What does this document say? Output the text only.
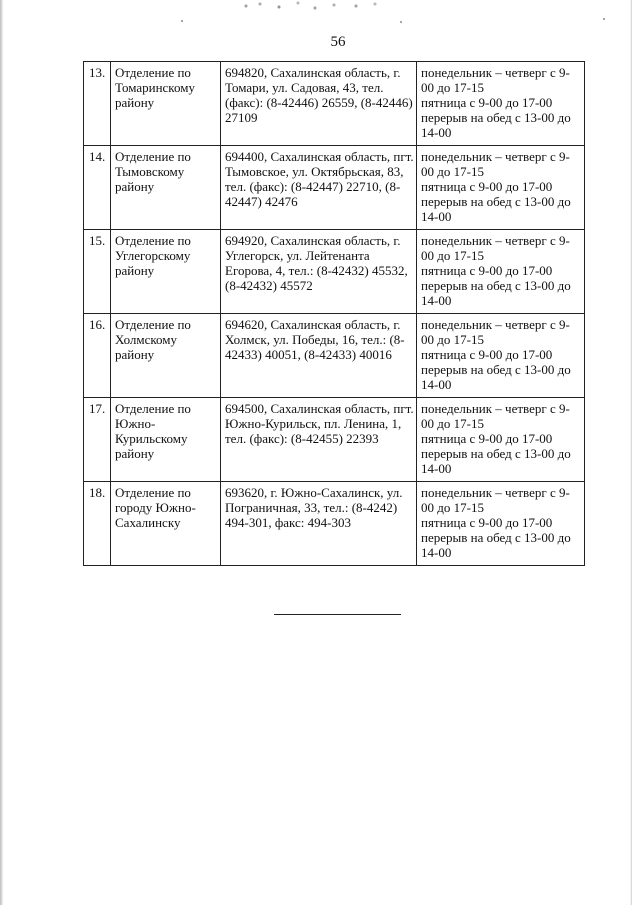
56
13.	Отделение по Томаринскому району	694820, Сахалинская область, г. Томари, ул. Садовая, 43, тел. (факс): (8-42446) 26559, (8-42446) 27109	понедельник – четверг с 9-00 до 17-15
пятница с 9-00 до 17-00
перерыв на обед с 13-00 до 14-00
14.	Отделение по Тымовскому району	694400, Сахалинская область, пгт. Тымовское, ул. Октябрьская, 83, тел. (факс): (8-42447) 22710, (8-42447) 42476	понедельник – четверг с 9-00 до 17-15
пятница с 9-00 до 17-00
перерыв на обед с 13-00 до 14-00
15.	Отделение по Углегорскому району	694920, Сахалинская область, г. Углегорск, ул. Лейтенанта Егорова, 4, тел.: (8-42432) 45532, (8-42432) 45572	понедельник – четверг с 9-00 до 17-15
пятница с 9-00 до 17-00
перерыв на обед с 13-00 до 14-00
16.	Отделение по Холмскому району	694620, Сахалинская область, г. Холмск, ул. Победы, 16, тел.: (8-42433) 40051, (8-42433) 40016	понедельник – четверг с 9-00 до 17-15
пятница с 9-00 до 17-00
перерыв на обед с 13-00 до 14-00
17.	Отделение по Южно-Курильскому району	694500, Сахалинская область, пгт. Южно-Курильск, пл. Ленина, 1, тел. (факс): (8-42455) 22393	понедельник – четверг с 9-00 до 17-15
пятница с 9-00 до 17-00
перерыв на обед с 13-00 до 14-00
18.	Отделение по городу Южно-Сахалинску	693620, г. Южно-Сахалинск, ул. Пограничная, 33, тел.: (8-4242) 494-301, факс: 494-303	понедельник – четверг с 9-00 до 17-15
пятница с 9-00 до 17-00
перерыв на обед с 13-00 до 14-00
